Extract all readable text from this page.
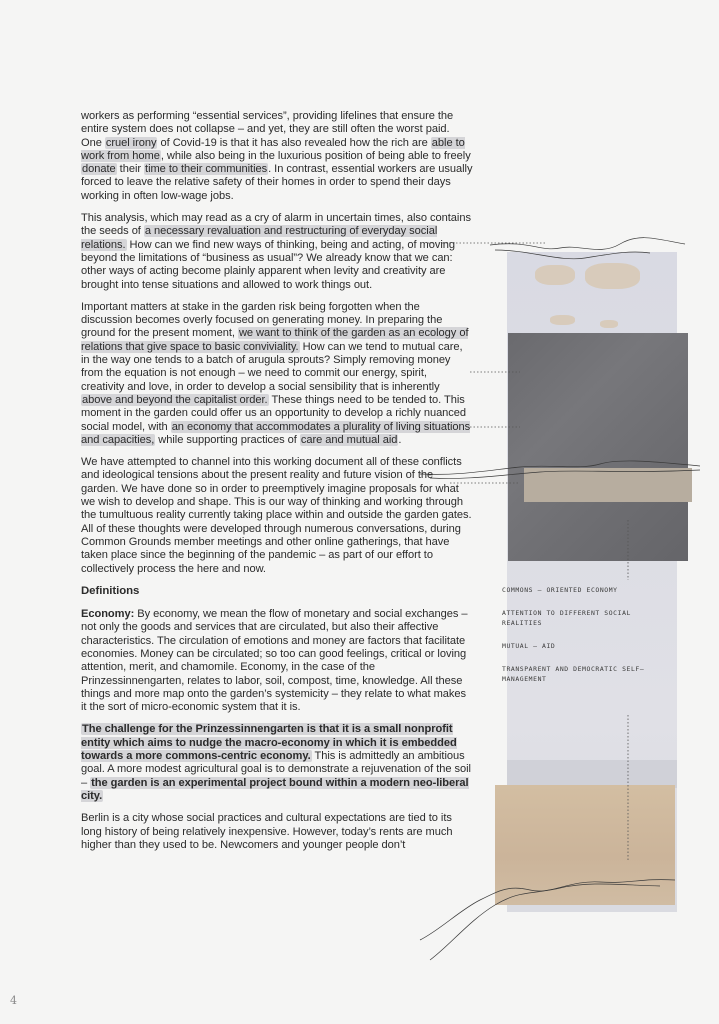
workers as performing “essential services”, providing lifelines that ensure the entire system does not collapse – and yet, they are still often the worst paid. One cruel irony of Covid-19 is that it has also revealed how the rich are able to work from home, while also being in the luxurious position of being able to freely donate their time to their communities. In contrast, essential workers are usually forced to leave the relative safety of their homes in order to spend their days working in often low-wage jobs.

This analysis, which may read as a cry of alarm in uncertain times, also contains the seeds of a necessary revaluation and restructuring of everyday social relations. How can we find new ways of thinking, being and acting, of moving beyond the limitations of “business as usual”? We already know that we can: other ways of acting become plainly apparent when levity and creativity are brought into tense situations and allowed to work things out.

Important matters at stake in the garden risk being forgotten when the discussion becomes overly focused on generating money. In preparing the ground for the present moment, we want to think of the garden as an ecology of relations that give space to basic conviviality. How can we tend to mutual care, in the way one tends to a batch of arugula sprouts? Simply removing money from the equation is not enough – we need to commit our energy, spirit, creativity and love, in order to develop a social sensibility that is inherently above and beyond the capitalist order. These things need to be tended to. This moment in the garden could offer us an opportunity to develop a richly nuanced social model, with an economy that accommodates a plurality of living situations and capacities, while supporting practices of care and mutual aid.

We have attempted to channel into this working document all of these conflicts and ideological tensions about the present reality and future vision of the garden. We have done so in order to preemptively imagine proposals for what we wish to develop and shape. This is our way of thinking and working through the tumultuous reality currently taking place within and outside the garden gates. All of these thoughts were developed through numerous conversations, during Common Grounds member meetings and other online gatherings, that have taken place since the beginning of the pandemic – as part of our effort to collectively process the here and now.

Definitions

Economy: By economy, we mean the flow of monetary and social exchanges – not only the goods and services that are circulated, but also their affective characteristics. The circulation of emotions and money are factors that facilitate economies. Money can be circulated; so too can good feelings, critical or loving attention, merit, and chamomile. Economy, in the case of the Prinzessinnengarten, relates to labor, soil, compost, time, knowledge. All these things and more map onto the garden’s systemicity – they relate to what makes it the sort of micro-economic system that it is.

The challenge for the Prinzessinnengarten is that it is a small nonprofit entity which aims to nudge the macro-economy in which it is embedded towards a more commons-centric economy. This is admittedly an ambitious goal. A more modest agricultural goal is to demonstrate a rejuvenation of the soil – the garden is an experimental project bound within a modern neo-liberal city.

Berlin is a city whose social practices and cultural expectations are tied to its long history of being relatively inexpensive. However, today’s rents are much higher than they used to be. Newcomers and younger people don’t

COMMONS – ORIENTED ECONOMY
ATTENTION TO DIFFERENT SOCIAL REALITIES
MUTUAL – AID
TRANSPARENT AND DEMOCRATIC SELF–MANAGEMENT
4
